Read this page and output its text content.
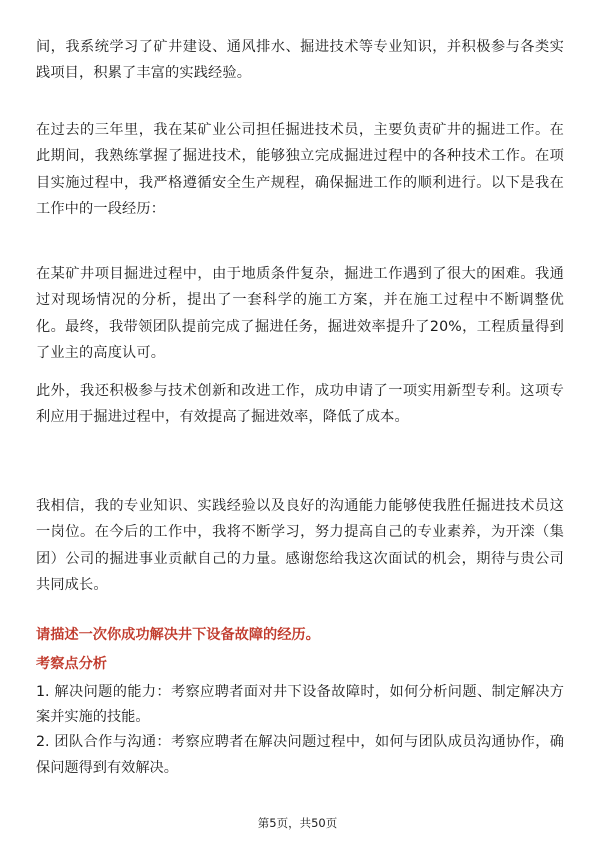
间，我系统学习了矿井建设、通风排水、掘进技术等专业知识，并积极参与各类实践项目，积累了丰富的实践经验。

在过去的三年里，我在某矿业公司担任掘进技术员，主要负责矿井的掘进工作。在此期间，我熟练掌握了掘进技术，能够独立完成掘进过程中的各种技术工作。在项目实施过程中，我严格遵循安全生产规程，确保掘进工作的顺利进行。以下是我在工作中的一段经历：

在某矿井项目掘进过程中，由于地质条件复杂，掘进工作遇到了很大的困难。我通过对现场情况的分析，提出了一套科学的施工方案，并在施工过程中不断调整优化。最终，我带领团队提前完成了掘进任务，掘进效率提升了20%，工程质量得到了业主的高度认可。

此外，我还积极参与技术创新和改进工作，成功申请了一项实用新型专利。这项专利应用于掘进过程中，有效提高了掘进效率，降低了成本。

我相信，我的专业知识、实践经验以及良好的沟通能力能够使我胜任掘进技术员这一岗位。在今后的工作中，我将不断学习，努力提高自己的专业素养，为开滦（集团）公司的掘进事业贡献自己的力量。感谢您给我这次面试的机会，期待与贵公司共同成长。

请描述一次你成功解决井下设备故障的经历。

考察点分析

1. 解决问题的能力：考察应聘者面对井下设备故障时，如何分析问题、制定解决方案并实施的技能。

2. 团队合作与沟通：考察应聘者在解决问题过程中，如何与团队成员沟通协作，确保问题得到有效解决。

第5页，共50页
